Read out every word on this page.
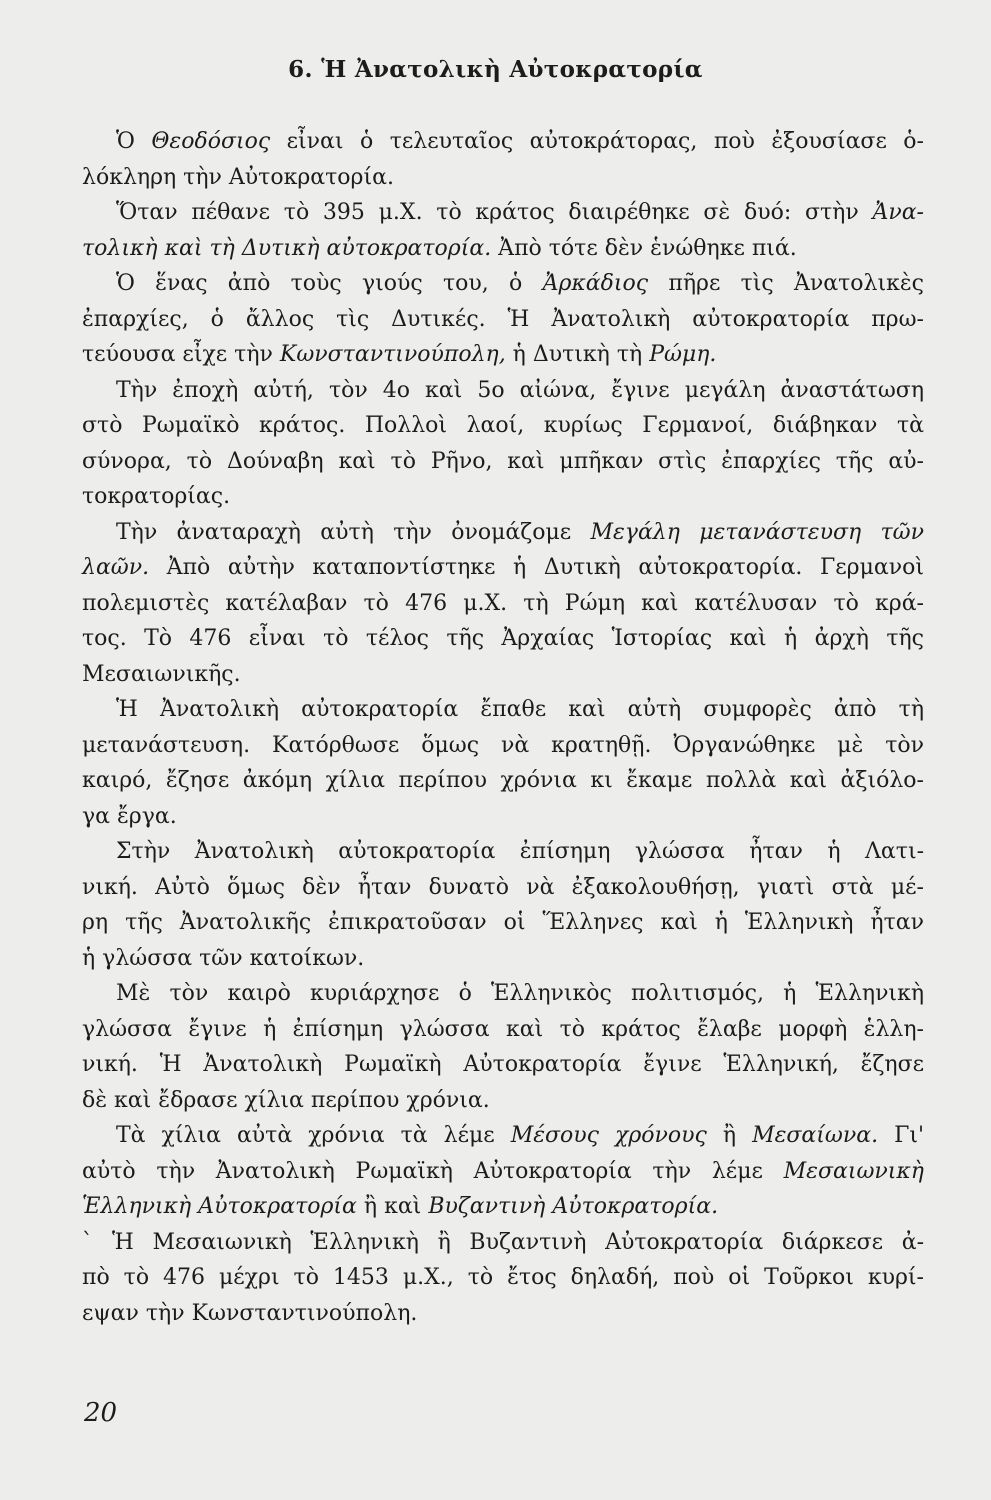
6. Ἡ Ἀνατολικὴ Αὐτοκρατορία
Ὁ Θεοδόσιος εἶναι ὁ τελευταῖος αὐτοκράτορας, ποὺ ἐξουσίασε ὁ-
λόκληρη τὴν Αὐτοκρατορία.
Ὅταν πέθανε τὸ 395 μ.Χ. τὸ κράτος διαιρέθηκε σὲ δυό: στὴν Ἀνα-
τολικὴ καὶ τὴ Δυτικὴ αὐτοκρατορία. Ἀπὸ τότε δὲν ἑνώθηκε πιά.
Ὁ ἕνας ἀπὸ τοὺς γιούς του, ὁ Ἀρκάδιος πῆρε τὶς Ἀνατολικὲς
ἐπαρχίες, ὁ ἄλλος τὶς Δυτικές. Ἡ Ἀνατολικὴ αὐτοκρατορία πρω-
τεύουσα εἶχε τὴν Κωνσταντινούπολη, ἡ Δυτικὴ τὴ Ρώμη.
Τὴν ἐποχὴ αὐτή, τὸν 4ο καὶ 5ο αἰώνα, ἔγινε μεγάλη ἀναστάτωση
στὸ Ρωμαϊκὸ κράτος. Πολλοὶ λαοί, κυρίως Γερμανοί, διάβηκαν τὰ
σύνορα, τὸ Δούναβη καὶ τὸ Ρῆνο, καὶ μπῆκαν στὶς ἐπαρχίες τῆς αὐ-
τοκρατορίας.
Τὴν ἀναταραχὴ αὐτὴ τὴν ὀνομάζομε Μεγάλη μετανάστευση τῶν
λαῶν. Ἀπὸ αὐτὴν καταποντίστηκε ἡ Δυτικὴ αὐτοκρατορία. Γερμανοὶ
πολεμιστὲς κατέλαβαν τὸ 476 μ.Χ. τὴ Ρώμη καὶ κατέλυσαν τὸ κρά-
τος. Τὸ 476 εἶναι τὸ τέλος τῆς Ἀρχαίας Ἱστορίας καὶ ἡ ἀρχὴ τῆς
Μεσαιωνικῆς.
Ἡ Ἀνατολικὴ αὐτοκρατορία ἔπαθε καὶ αὐτὴ συμφορὲς ἀπὸ τὴ
μετανάστευση. Κατόρθωσε ὅμως νὰ κρατηθῇ. Ὀργανώθηκε μὲ τὸν
καιρό, ἔζησε ἀκόμη χίλια περίπου χρόνια κι ἔκαμε πολλὰ καὶ ἀξιόλο-
γα ἔργα.
Στὴν Ἀνατολικὴ αὐτοκρατορία ἐπίσημη γλώσσα ἦταν ἡ Λατι-
νική. Αὐτὸ ὅμως δὲν ἦταν δυνατὸ νὰ ἐξακολουθήσῃ, γιατὶ στὰ μέ-
ρη τῆς Ἀνατολικῆς ἐπικρατοῦσαν οἱ Ἕλληνες καὶ ἡ Ἑλληνικὴ ἦταν
ἡ γλώσσα τῶν κατοίκων.
Μὲ τὸν καιρὸ κυριάρχησε ὁ Ἑλληνικὸς πολιτισμός, ἡ Ἑλληνικὴ
γλώσσα ἔγινε ἡ ἐπίσημη γλώσσα καὶ τὸ κράτος ἔλαβε μορφὴ ἑλλη-
νική. Ἡ Ἀνατολικὴ Ρωμαϊκὴ Αὐτοκρατορία ἔγινε Ἑλληνική, ἔζησε
δὲ καὶ ἔδρασε χίλια περίπου χρόνια.
Τὰ χίλια αὐτὰ χρόνια τὰ λέμε Μέσους χρόνους ἢ Μεσαίωνα. Γι'
αὐτὸ τὴν Ἀνατολικὴ Ρωμαϊκὴ Αὐτοκρατορία τὴν λέμε Μεσαιωνικὴ
Ἑλληνικὴ Αὐτοκρατορία ἢ καὶ Βυζαντινὴ Αὐτοκρατορία.
` Ἡ Μεσαιωνικὴ Ἑλληνικὴ ἢ Βυζαντινὴ Αὐτοκρατορία διάρκεσε ἀ-
πὸ τὸ 476 μέχρι τὸ 1453 μ.Χ., τὸ ἔτος δηλαδή, ποὺ οἱ Τοῦρκοι κυρί-
εψαν τὴν Κωνσταντινούπολη.
20
